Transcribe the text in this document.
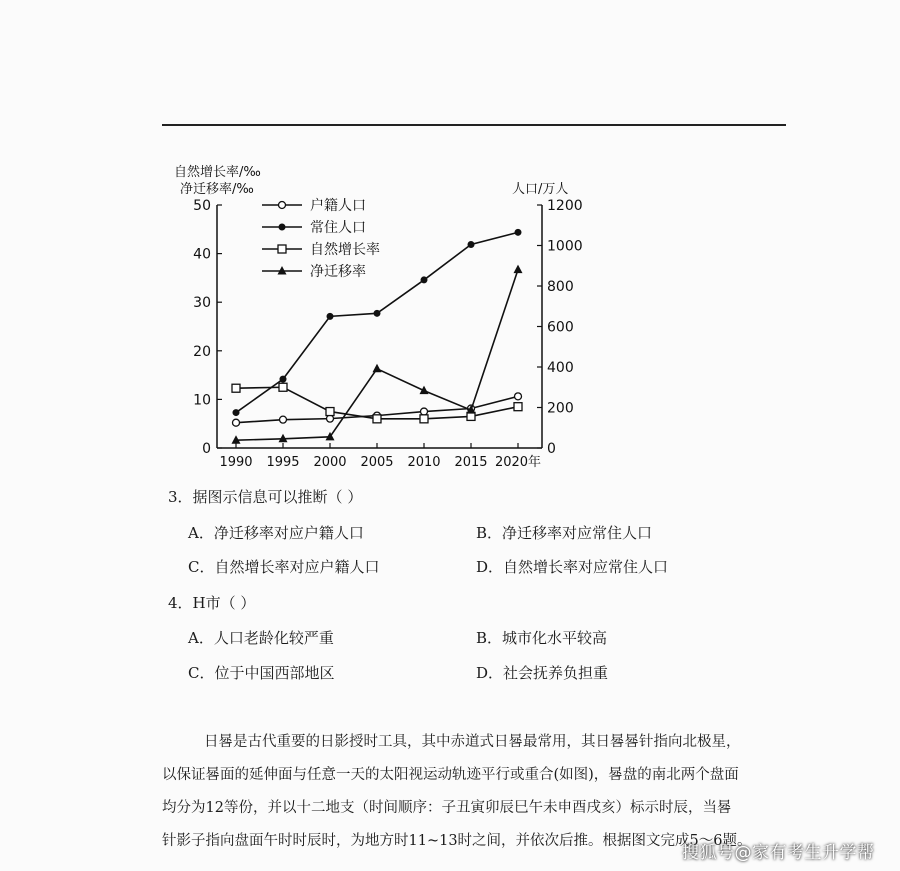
自然增长率/‰
净迁移率/‰	人口/万人
0
10
20
30
40
50
0
200
400
600
800
1000
1200
1990 1995 2000 2005 2010 2015 2020年
户籍人口
常住人口
自然增长率
净迁移率
3．据图示信息可以推断（ ）
A．净迁移率对应户籍人口	B．净迁移率对应常住人口
C．自然增长率对应户籍人口	D．自然增长率对应常住人口
4．H市（ ）
A．人口老龄化较严重	B．城市化水平较高
C．位于中国西部地区	D．社会抚养负担重

日晷是古代重要的日影授时工具，其中赤道式日晷最常用，其日晷晷针指向北极星，

以保证晷面的延伸面与任意一天的太阳视运动轨迹平行或重合(如图)，晷盘的南北两个盘面

均分为12等份，并以十二地支（时间顺序：子丑寅卯辰巳午未申酉戌亥）标示时辰，当晷

针影子指向盘面午时时辰时，为地方时11~13时之间，并依次后推。根据图文完成5～6题。

搜狐号@家有考生升学帮
